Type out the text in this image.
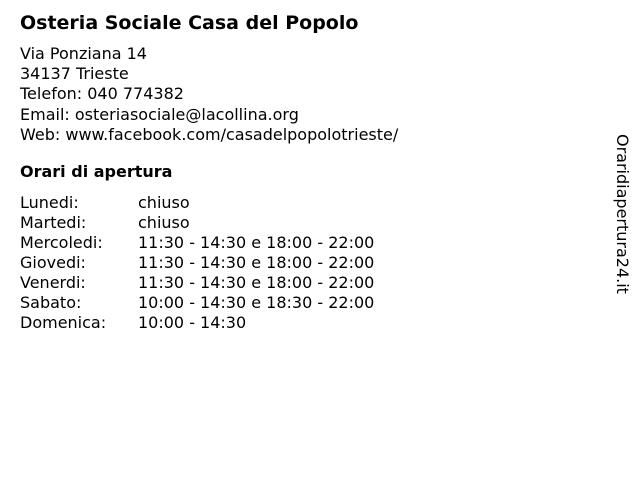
Osteria Sociale Casa del Popolo
Via Ponziana 14
34137 Trieste
Telefon: 040 774382
Email: osteriasociale@lacollina.org
Web: www.facebook.com/casadelpopolotrieste/
Orari di apertura
Lunedi:	chiuso
Martedi:	chiuso
Mercoledi:	11:30 - 14:30 e 18:00 - 22:00
Giovedi:	11:30 - 14:30 e 18:00 - 22:00
Venerdi:	11:30 - 14:30 e 18:00 - 22:00
Sabato:	10:00 - 14:30 e 18:30 - 22:00
Domenica:	10:00 - 14:30
Oraridiapertura24.it
